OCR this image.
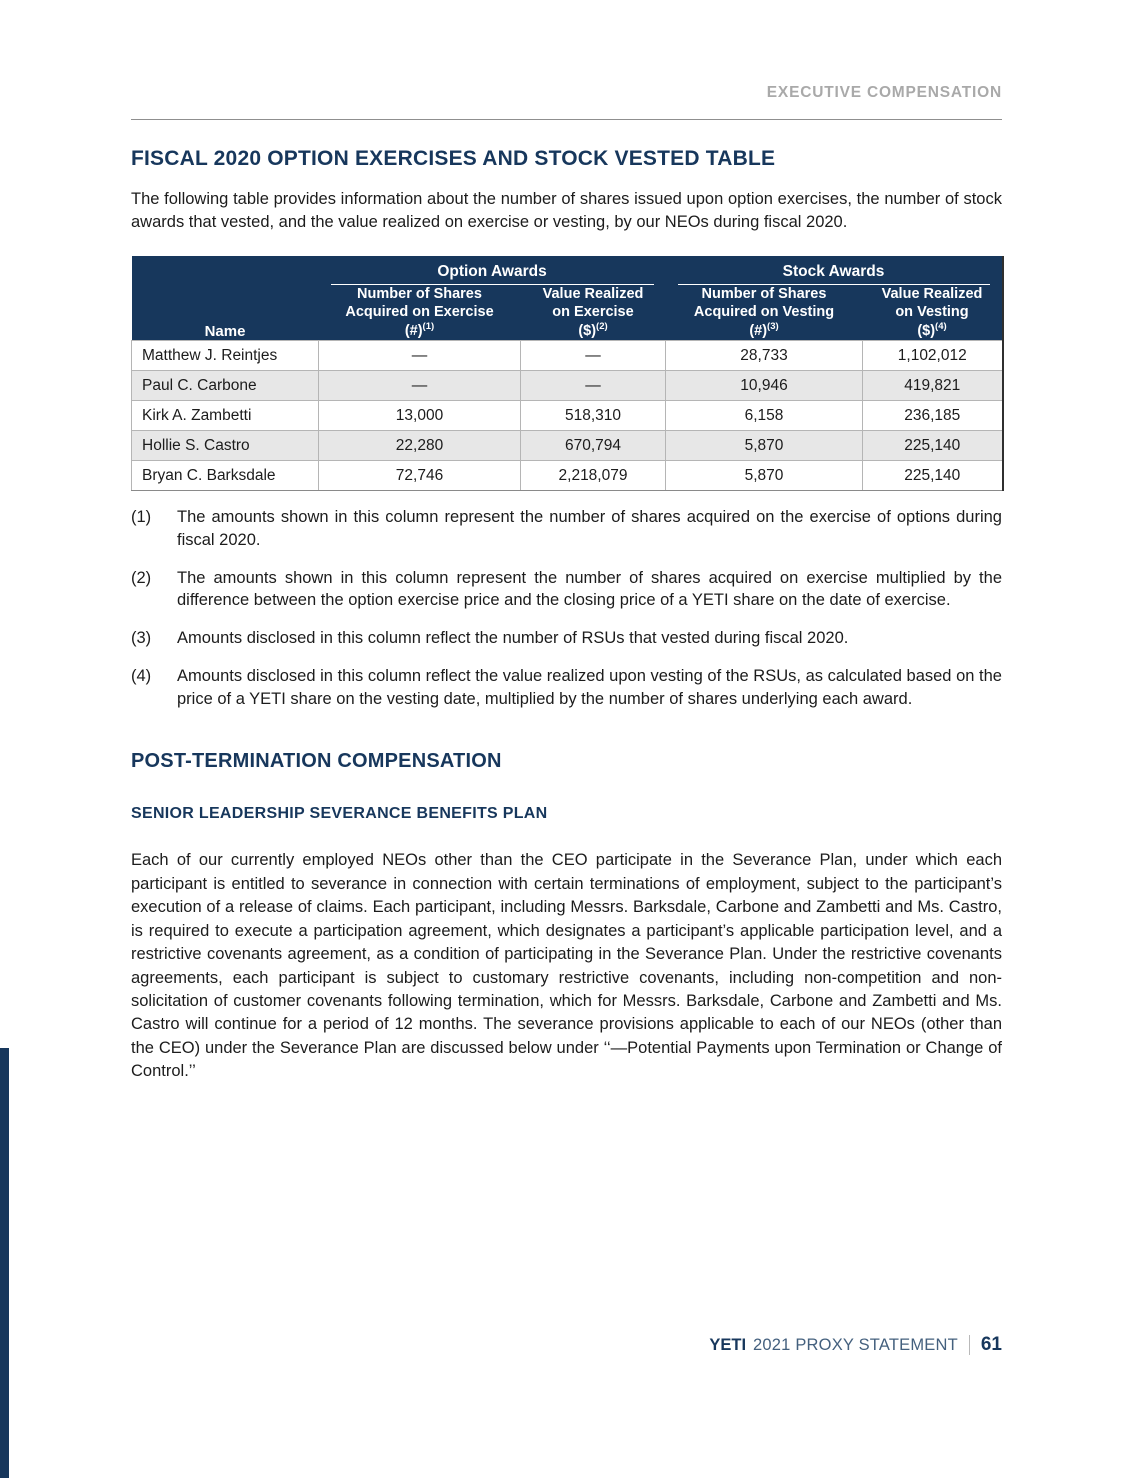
EXECUTIVE COMPENSATION
FISCAL 2020 OPTION EXERCISES AND STOCK VESTED TABLE

The following table provides information about the number of shares issued upon option exercises, the number of stock awards that vested, and the value realized on exercise or vesting, by our NEOs during fiscal 2020.

	Option Awards		Stock Awards	

Name	
Number of Shares
Acquired on Exercise
(#)$^{(1)}$

Value Realized
on Exercise
($)$^{(2)}$

Number of Shares
Acquired on Vesting
(#)$^{(3)}$

Value Realized
on Vesting
($)$^{(4)}$

Matthew J. Reintjes	—	—	28,733	1,102,012
Paul C. Carbone	—	—	10,946	419,821
Kirk A. Zambetti	13,000	518,310	6,158	236,185
Hollie S. Castro	22,280	670,794	5,870	225,140
Bryan C. Barksdale	72,746	2,218,079	5,870	225,140
(1)	The amounts shown in this column represent the number of shares acquired on the exercise of options during fiscal 2020.
(2)	The amounts shown in this column represent the number of shares acquired on exercise multiplied by the difference between the option exercise price and the closing price of a YETI share on the date of exercise.
(3)	Amounts disclosed in this column reflect the number of RSUs that vested during fiscal 2020.
(4)	Amounts disclosed in this column reflect the value realized upon vesting of the RSUs, as calculated based on the price of a YETI share on the vesting date, multiplied by the number of shares underlying each award.
POST-TERMINATION COMPENSATION
SENIOR LEADERSHIP SEVERANCE BENEFITS PLAN

Each of our currently employed NEOs other than the CEO participate in the Severance Plan, under which each participant is entitled to severance in connection with certain terminations of employment, subject to the participant’s execution of a release of claims. Each participant, including Messrs. Barksdale, Carbone and Zambetti and Ms. Castro, is required to execute a participation agreement, which designates a participant’s applicable participation level, and a restrictive covenants agreement, as a condition of participating in the Severance Plan. Under the restrictive covenants agreements, each participant is subject to customary restrictive covenants, including non-competition and non-solicitation of customer covenants following termination, which for Messrs. Barksdale, Carbone and Zambetti and Ms. Castro will continue for a period of 12 months. The severance provisions applicable to each of our NEOs (other than the CEO) under the Severance Plan are discussed below under ‘‘—Potential Payments upon Termination or Change of Control.’’

YETI 2021 PROXY STATEMENT 61
